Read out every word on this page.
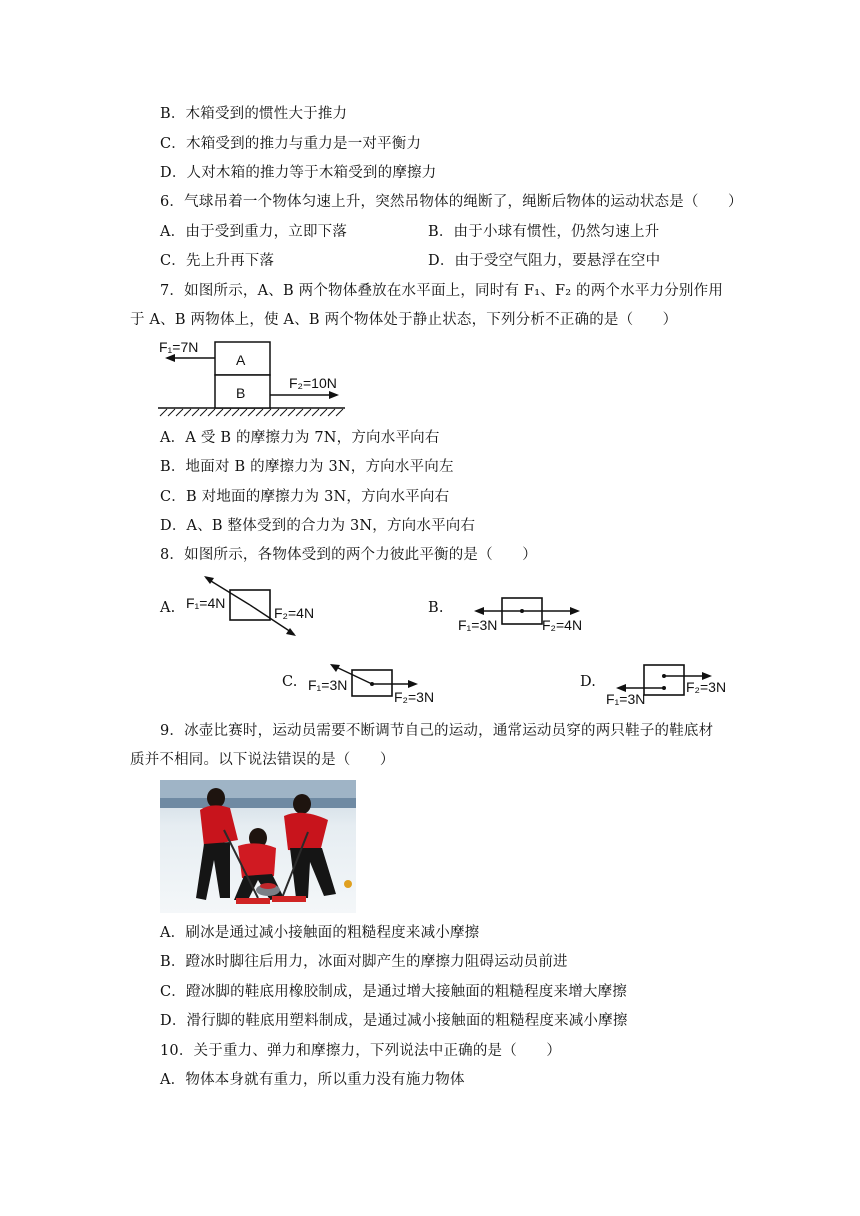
B．木箱受到的惯性大于推力
C．木箱受到的推力与重力是一对平衡力
D．人对木箱的推力等于木箱受到的摩擦力
6．气球吊着一个物体匀速上升，突然吊物体的绳断了，绳断后物体的运动状态是（　　）
A．由于受到重力，立即下落	B．由于小球有惯性，仍然匀速上升
C．先上升再下落	D．由于受空气阻力，要悬浮在空中
7．如图所示，A、B 两个物体叠放在水平面上，同时有 F₁、F₂ 的两个水平力分别作用
于 A、B 两物体上，使 A、B 两个物体处于静止状态，下列分析不正确的是（　　）
A
B
F₁=7N
F₂=10N
A．A 受 B 的摩擦力为 7N，方向水平向右
B．地面对 B 的摩擦力为 3N，方向水平向左
C．B 对地面的摩擦力为 3N，方向水平向右
D．A、B 整体受到的合力为 3N，方向水平向右
8．如图所示，各物体受到的两个力彼此平衡的是（　　）
A. F₁=4N
F₂=4N	B.
F₁=3N	F₂=4N
C. F₁=3N
F₂=3N
D.
F₁=3N
F₂=3N
9．冰壶比赛时，运动员需要不断调节自己的运动，通常运动员穿的两只鞋子的鞋底材
质并不相同。以下说法错误的是（　　）
A．刷冰是通过减小接触面的粗糙程度来减小摩擦
B．蹬冰时脚往后用力，冰面对脚产生的摩擦力阻碍运动员前进
C．蹬冰脚的鞋底用橡胶制成，是通过增大接触面的粗糙程度来增大摩擦
D．滑行脚的鞋底用塑料制成，是通过减小接触面的粗糙程度来减小摩擦
10．关于重力、弹力和摩擦力，下列说法中正确的是（　　）
A．物体本身就有重力，所以重力没有施力物体
